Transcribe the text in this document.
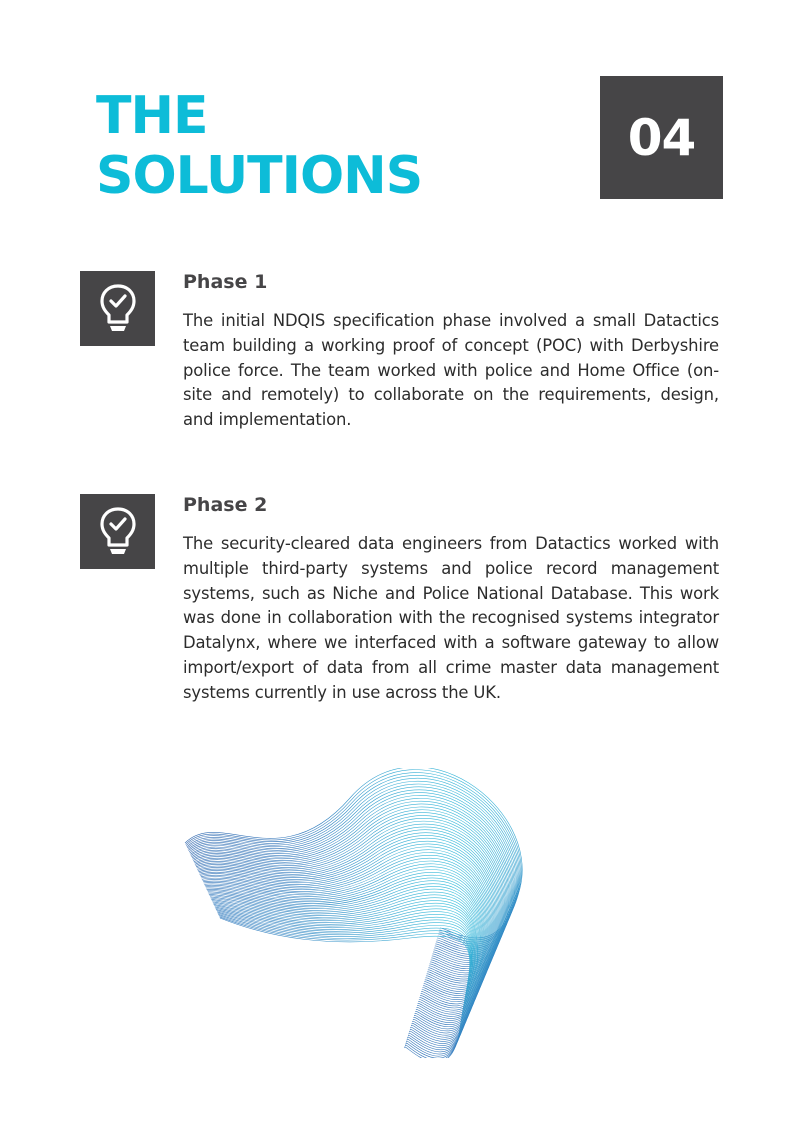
THE
SOLUTIONS
04
Phase 1

The initial NDQIS specification phase involved a small Datactics team building a working proof of concept (POC) with Derbyshire police force. The team worked with police and Home Office (on-site and remotely) to collaborate on the requirements, design, and implementation.

Phase 2

The security-cleared data engineers from Datactics worked with multiple third-party systems and police record management systems, such as Niche and Police National Database. This work was done in collaboration with the recognised systems integrator Datalynx, where we interfaced with a software gateway to allow import/export of data from all crime master data management systems currently in use across the UK.
